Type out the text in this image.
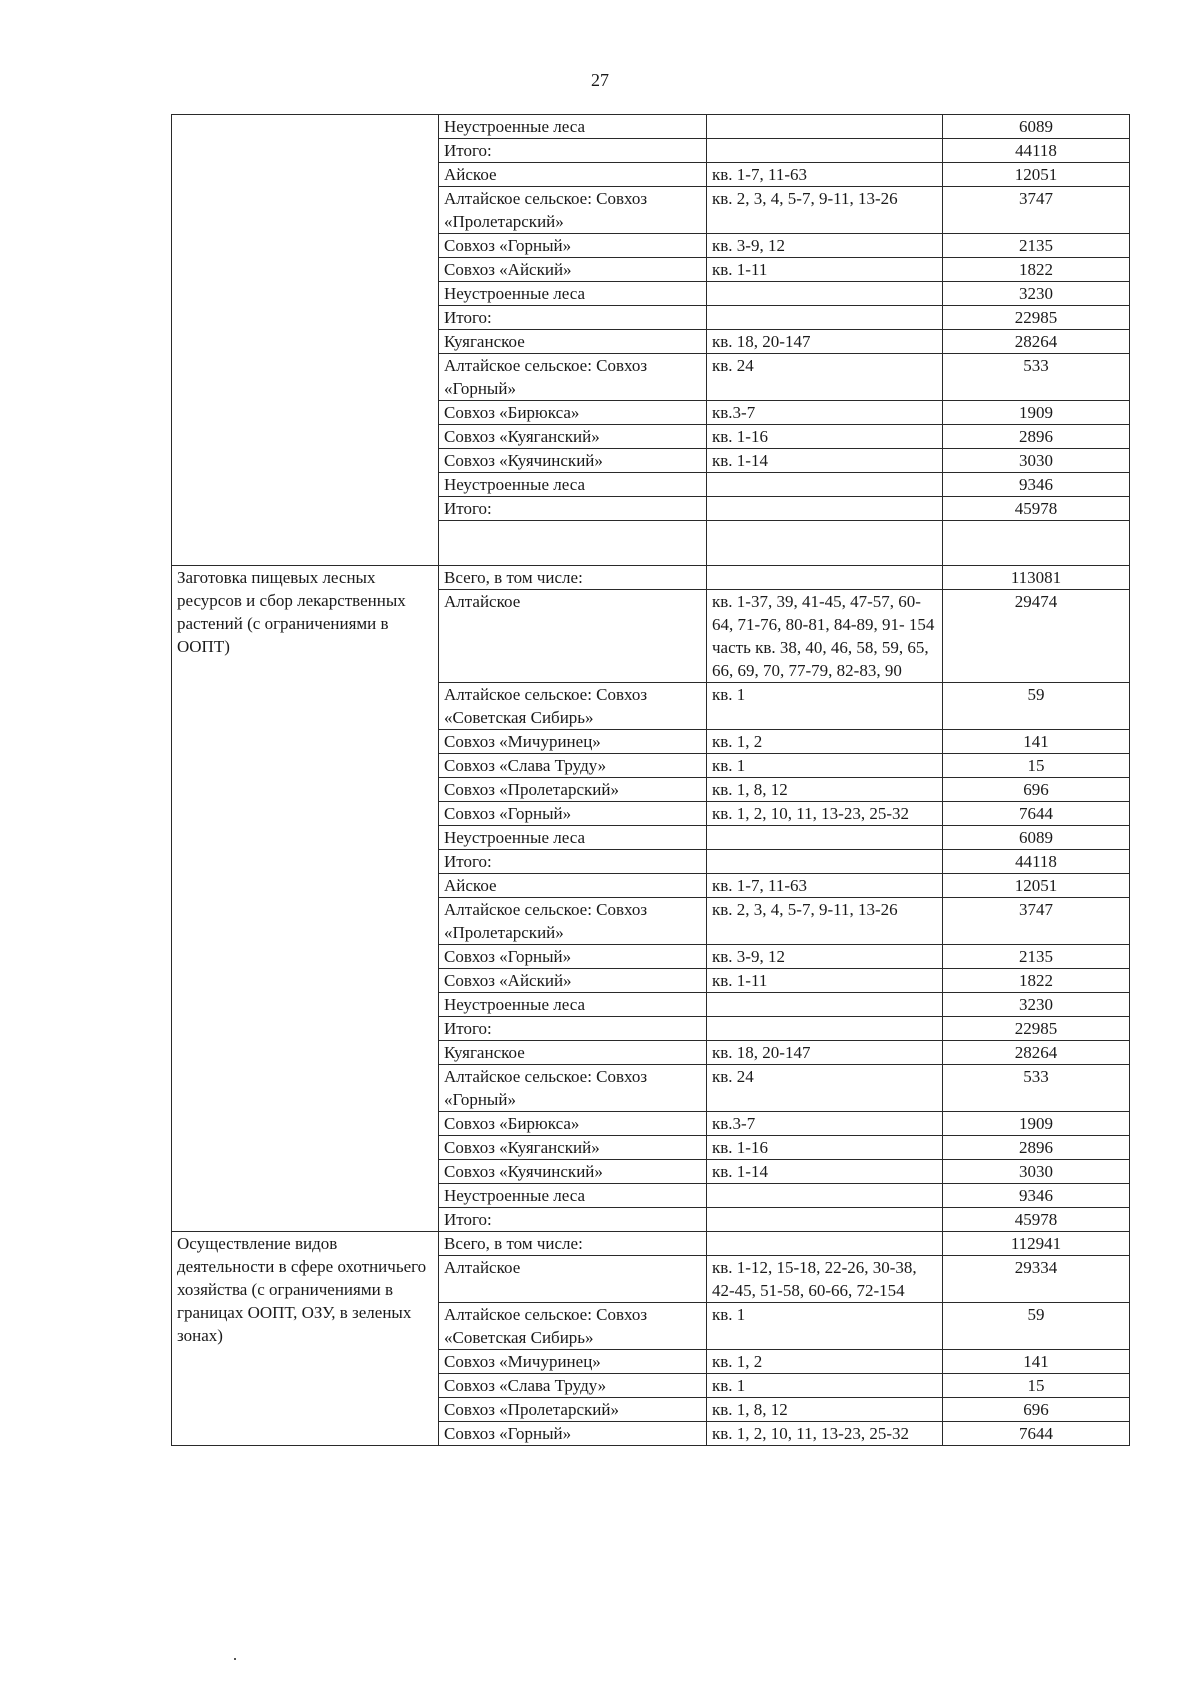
27
	Неустроенные леса		6089
	Итого:		44118
	Айское	кв. 1-7, 11-63	12051
	Алтайское сельское: Совхоз «Пролетарский»	кв. 2, 3, 4, 5-7, 9-11, 13-26	3747
	Совхоз «Горный»	кв. 3-9, 12	2135
	Совхоз «Айский»	кв. 1-11	1822
	Неустроенные леса		3230
	Итого:		22985
	Куяганское	кв. 18, 20-147	28264
	Алтайское сельское: Совхоз «Горный»	кв. 24	533
	Совхоз «Бирюкса»	кв.3-7	1909
	Совхоз «Куяганский»	кв. 1-16	2896
	Совхоз «Куячинский»	кв. 1-14	3030
	Неустроенные леса		9346
	Итого:		45978

Заготовка пищевых лесных ресурсов и сбор лекарственных растений (с ограничениями в ООПТ)	Всего, в том числе:		113081
	Алтайское	кв. 1-37, 39, 41-45, 47-57, 60-64, 71-76, 80-81, 84-89, 91- 154 часть кв. 38, 40, 46, 58, 59, 65, 66, 69, 70, 77-79, 82-83, 90	29474
	Алтайское сельское: Совхоз «Советская Сибирь»	кв. 1	59
	Совхоз «Мичуринец»	кв. 1, 2	141
	Совхоз «Слава Труду»	кв. 1	15
	Совхоз «Пролетарский»	кв. 1, 8, 12	696
	Совхоз «Горный»	кв. 1, 2, 10, 11, 13-23, 25-32	7644
	Неустроенные леса		6089
	Итого:		44118
	Айское	кв. 1-7, 11-63	12051
	Алтайское сельское: Совхоз «Пролетарский»	кв. 2, 3, 4, 5-7, 9-11, 13-26	3747
	Совхоз «Горный»	кв. 3-9, 12	2135
	Совхоз «Айский»	кв. 1-11	1822
	Неустроенные леса		3230
	Итого:		22985
	Куяганское	кв. 18, 20-147	28264
	Алтайское сельское: Совхоз «Горный»	кв. 24	533
	Совхоз «Бирюкса»	кв.3-7	1909
	Совхоз «Куяганский»	кв. 1-16	2896
	Совхоз «Куячинский»	кв. 1-14	3030
	Неустроенные леса		9346
	Итого:		45978
Осуществление видов деятельности в сфере охотничьего хозяйства (с ограничениями в границах ООПТ, ОЗУ, в зеленых зонах)	Всего, в том числе:		112941
	Алтайское	кв. 1-12, 15-18, 22-26, 30-38, 42-45, 51-58, 60-66, 72-154	29334
	Алтайское сельское: Совхоз «Советская Сибирь»	кв. 1	59
	Совхоз «Мичуринец»	кв. 1, 2	141
	Совхоз «Слава Труду»	кв. 1	15
	Совхоз «Пролетарский»	кв. 1, 8, 12	696
	Совхоз «Горный»	кв. 1, 2, 10, 11, 13-23, 25-32	7644
